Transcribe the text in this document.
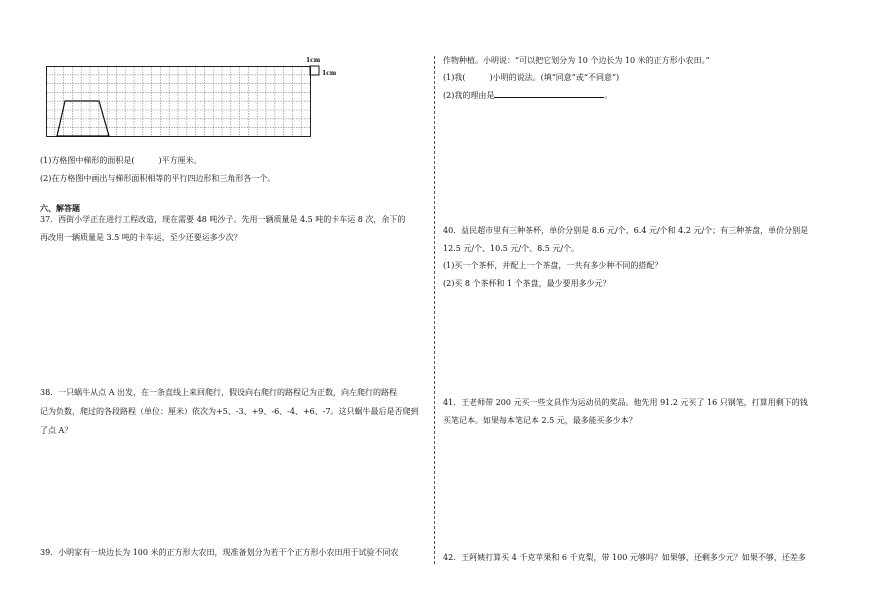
1cm
1cm
(1)方格图中梯形的面积是(　　　)平方厘米。
(2)在方格图中画出与梯形面积相等的平行四边形和三角形各一个。
六、解答题
37．西街小学正在进行工程改造，现在需要 48 吨沙子。先用一辆质量是 4.5 吨的卡车运 8 次，余下的
再改用一辆质量是 3.5 吨的卡车运，至少还要运多少次？
38．一只蜗牛从点 A 出发，在一条直线上来回爬行，假设向右爬行的路程记为正数，向左爬行的路程
记为负数，爬过的各段路程（单位：厘米）依次为+5、-3、+9、-6、-4、+6、-7。这只蜗牛最后是否爬到
了点 A？
39．小明家有一块边长为 100 米的正方形大农田，现准备划分为若干个正方形小农田用于试验不同农
作物种植。小明说：“可以把它划分为 10 个边长为 10 米的正方形小农田。”
(1)我(　　　)小明的说法。(填“同意”或“不同意”)
(2)我的理由是	。
40．益民超市里有三种茶杯，单价分别是 8.6 元/个、6.4 元/个和 4.2 元/个；有三种茶盘，单价分别是
12.5 元/个、10.5 元/个、8.5 元/个。
(1)买一个茶杯，并配上一个茶盘，一共有多少种不同的搭配？
(2)买 8 个茶杯和 1 个茶盘，最少要用多少元？
41．王老师带 200 元买一些文具作为运动员的奖品。他先用 91.2 元买了 16 只钢笔，打算用剩下的钱
买笔记本。如果每本笔记本 2.5 元，最多能买多少本？
42．王阿姨打算买 4 千克苹果和 6 千克梨，带 100 元够吗？如果够，还剩多少元？如果不够，还差多
